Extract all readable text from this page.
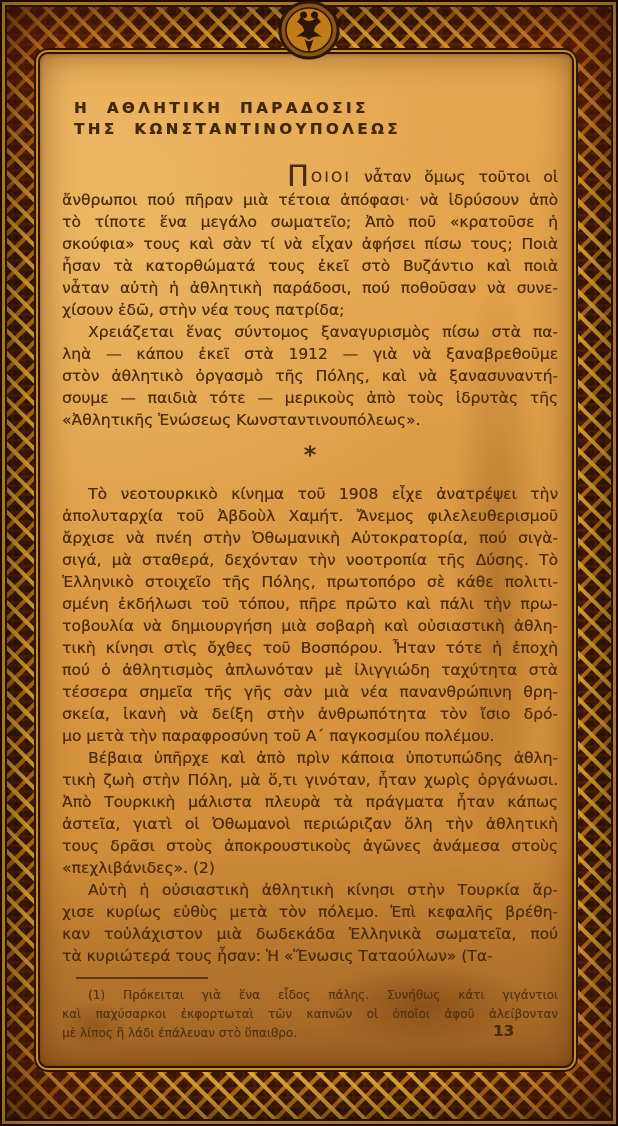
Η ΑΘΛΗΤΙΚΗ ΠΑΡΑΔΟΣΙΣ
ΤΗΣ ΚΩΝΣΤΑΝΤΙΝΟΥΠΟΛΕΩΣ
ΠΟΙΟΙ νἆταν ὅμως τοῦτοι οἱ
ἄνθρωποι πού πῆραν μιὰ τέτοια ἀπόφασι· νὰ ἱδρύσουν ἀπὸ
τὸ τίποτε ἕνα μεγάλο σωματεῖο; Ἀπὸ ποῦ «κρατοῦσε ἡ
σκούφια» τους καὶ σὰν τί νὰ εἶχαν ἀφήσει πίσω τους; Ποιὰ
ἦσαν τὰ κατορθώματά τους ἐκεῖ στὸ Βυζάντιο καὶ ποιὰ
νἆταν αὐτὴ ἡ ἀθλητικὴ παράδοσι, πού ποθοῦσαν νὰ συνε-
χίσουν ἐδῶ, στὴν νέα τους πατρίδα;
Χρειάζεται ἕνας σύντομος ξαναγυρισμὸς πίσω στὰ πα-
ληὰ — κάπου ἐκεῖ στὰ 1912 — γιὰ νὰ ξαναβρεθοῦμε
στὸν ἀθλητικὸ ὀργασμὸ τῆς Πόλης, καὶ νὰ ξανασυναντή-
σουμε — παιδιὰ τότε — μερικοὺς ἀπὸ τοὺς ἱδρυτὰς τῆς
«Ἀθλητικῆς Ἑνώσεως Κωνσταντινουπόλεως».
*
Τὸ νεοτουρκικὸ κίνημα τοῦ 1908 εἶχε ἀνατρέψει τὴν
ἀπολυταρχία τοῦ Ἀβδοὺλ Χαμήτ. Ἄνεμος φιλελευθερισμοῦ
ἄρχισε νὰ πνέη στὴν Ὀθωμανικὴ Αὐτοκρατορία, πού σιγὰ-
σιγά, μὰ σταθερά, δεχόνταν τὴν νοοτροπία τῆς Δύσης. Τὸ
Ἑλληνικὸ στοιχεῖο τῆς Πόλης, πρωτοπόρο σὲ κάθε πολιτι-
σμένη ἐκδήλωσι τοῦ τόπου, πῆρε πρῶτο καὶ πάλι τὴν πρω-
τοβουλία νὰ δημιουργήση μιὰ σοβαρὴ καὶ οὐσιαστικὴ ἀθλη-
τικὴ κίνησι στὶς ὄχθες τοῦ Βοσπόρου. Ἦταν τότε ἡ ἐποχὴ
πού ὁ ἀθλητισμὸς ἁπλωνόταν μὲ ἰλιγγιώδη ταχύτητα στὰ
τέσσερα σημεῖα τῆς γῆς σὰν μιὰ νέα πανανθρώπινη θρη-
σκεία, ἱκανὴ νὰ δείξη στὴν ἀνθρωπότητα τὸν ἴσιο δρό-
μο μετὰ τὴν παραφροσύνη τοῦ Α΄ παγκοσμίου πολέμου.
Βέβαια ὑπῆρχε καὶ ἀπὸ πρὶν κάποια ὑποτυπώδης ἀθλη-
τικὴ ζωὴ στὴν Πόλη, μὰ ὅ,τι γινόταν, ἦταν χωρὶς ὀργάνωσι.
Ἀπὸ Τουρκικὴ μάλιστα πλευρὰ τὰ πράγματα ἦταν κάπως
ἀστεῖα, γιατὶ οἱ Ὀθωμανοὶ περιώριζαν ὅλη τὴν ἀθλητικὴ
τους δρᾶσι στοὺς ἀποκρουστικοὺς ἀγῶνες ἀνάμεσα στοὺς
«πεχλιβάνιδες». (2)
Αὐτὴ ἡ οὐσιαστικὴ ἀθλητικὴ κίνησι στὴν Τουρκία ἄρ-
χισε κυρίως εὐθὺς μετὰ τὸν πόλεμο. Ἐπὶ κεφαλῆς βρέθη-
καν τοὐλάχιστον μιὰ δωδεκάδα Ἑλληνικὰ σωματεῖα, πού
τὰ κυριώτερά τους ἦσαν: Ἡ «Ἕνωσις Ταταούλων» (Τα-
(1) Πρόκειται γιὰ ἕνα εἶδος πάλης. Συνήθως κάτι γιγάντιοι
καὶ παχύσαρκοι ἐκφορτωταὶ τῶν καπνῶν οἱ ὁποῖοι ἀφοῦ ἀλείβονταν
μὲ λίπος ἢ λάδι ἐπάλευαν στὸ ὕπαιθρο.	13
